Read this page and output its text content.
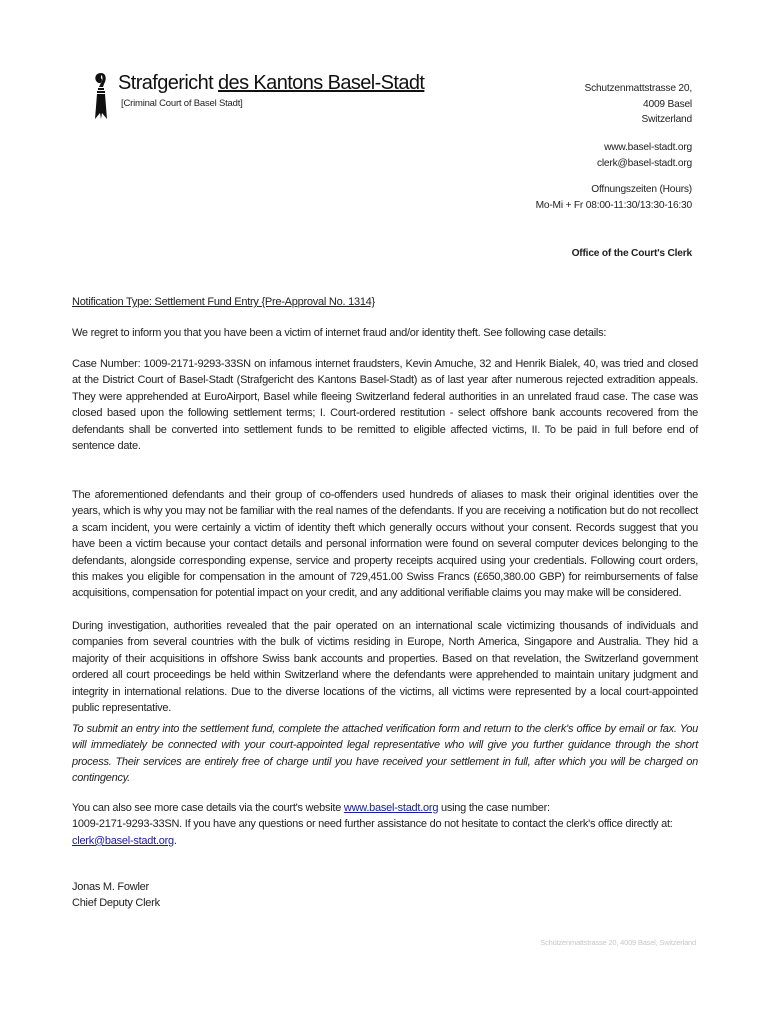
Strafgericht des Kantons Basel-Stadt
[Criminal Court of Basel Stadt]
Schutzenmattstrasse 20,
4009 Basel
Switzerland
www.basel-stadt.org
clerk@basel-stadt.org
Offnungszeiten (Hours)
Mo-Mi + Fr 08:00-11:30/13:30-16:30
Office of the Court's Clerk
Notification Type: Settlement Fund Entry {Pre-Approval No. 1314}
We regret to inform you that you have been a victim of internet fraud and/or identity theft. See following case details:
Case Number: 1009-2171-9293-33SN on infamous internet fraudsters, Kevin Amuche, 32 and Henrik Bialek, 40, was tried and closed at the District Court of Basel-Stadt (Strafgericht des Kantons Basel-Stadt) as of last year after numerous rejected extradition appeals. They were apprehended at EuroAirport, Basel while fleeing Switzerland federal authorities in an unrelated fraud case. The case was closed based upon the following settlement terms; I. Court-ordered restitution - select offshore bank accounts recovered from the defendants shall be converted into settlement funds to be remitted to eligible affected victims, II. To be paid in full before end of sentence date.
The aforementioned defendants and their group of co-offenders used hundreds of aliases to mask their original identities over the years, which is why you may not be familiar with the real names of the defendants. If you are receiving a notification but do not recollect a scam incident, you were certainly a victim of identity theft which generally occurs without your consent. Records suggest that you have been a victim because your contact details and personal information were found on several computer devices belonging to the defendants, alongside corresponding expense, service and property receipts acquired using your credentials. Following court orders, this makes you eligible for compensation in the amount of 729,451.00 Swiss Francs (£650,380.00 GBP) for reimbursements of false acquisitions, compensation for potential impact on your credit, and any additional verifiable claims you may make will be considered.
During investigation, authorities revealed that the pair operated on an international scale victimizing thousands of individuals and companies from several countries with the bulk of victims residing in Europe, North America, Singapore and Australia. They hid a majority of their acquisitions in offshore Swiss bank accounts and properties. Based on that revelation, the Switzerland government ordered all court proceedings be held within Switzerland where the defendants were apprehended to maintain unitary judgment and integrity in international relations. Due to the diverse locations of the victims, all victims were represented by a local court-appointed public representative.
To submit an entry into the settlement fund, complete the attached verification form and return to the clerk's office by email or fax. You will immediately be connected with your court-appointed legal representative who will give you further guidance through the short process. Their services are entirely free of charge until you have received your settlement in full, after which you will be charged on contingency.
You can also see more case details via the court's website www.basel-stadt.org using the case number:
1009-2171-9293-33SN. If you have any questions or need further assistance do not hesitate to contact the clerk's office directly at: clerk@basel-stadt.org.
Jonas M. Fowler
Chief Deputy Clerk
Schützenmattstrasse 20, 4009 Basel, Switzerland
